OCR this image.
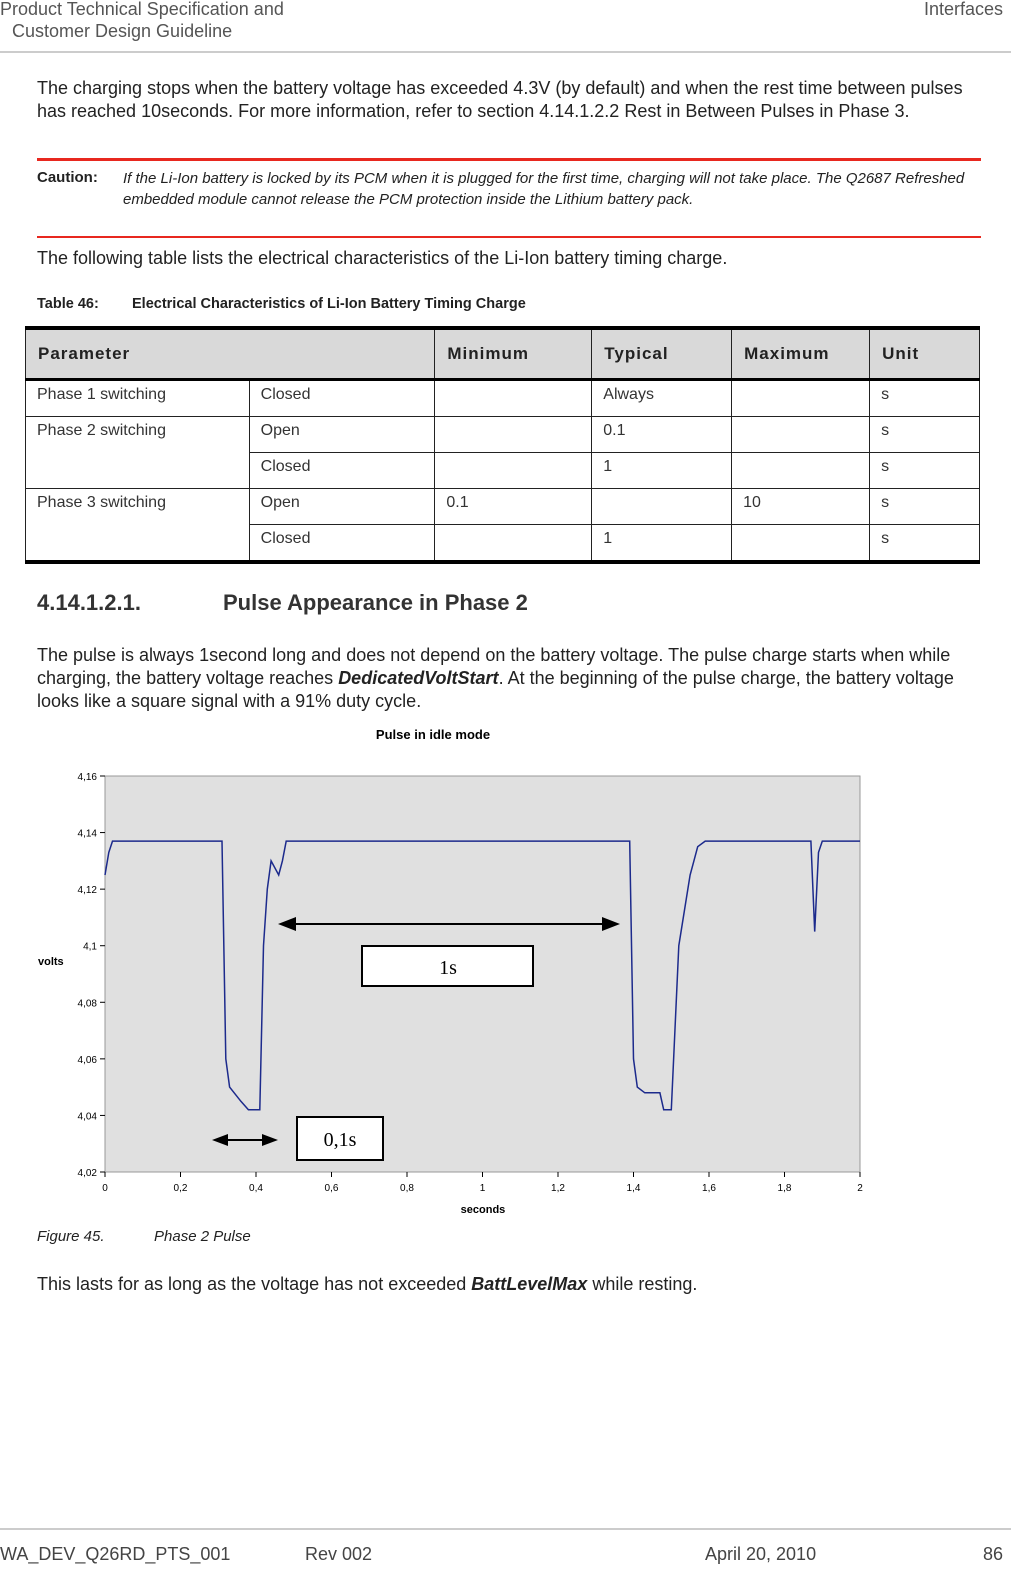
Product Technical Specification and
Customer Design Guideline
Interfaces
The charging stops when the battery voltage has exceeded 4.3V (by default) and when the rest time between pulses has reached 10seconds. For more information, refer to section 4.14.1.2.2 Rest in Between Pulses in Phase 3.
Caution: If the Li-Ion battery is locked by its PCM when it is plugged for the first time, charging will not take place. The Q2687 Refreshed embedded module cannot release the PCM protection inside the Lithium battery pack.
The following table lists the electrical characteristics of the Li-Ion battery timing charge.
Table 46: Electrical Characteristics of Li-Ion Battery Timing Charge
Parameter		Minimum	Typical	Maximum	Unit
Phase 1 switching	Closed		Always		s
Phase 2 switching	Open		0.1		s
	Closed		1		s
Phase 3 switching	Open	0.1		10	s
	Closed		1		s
4.14.1.2.1.	Pulse Appearance in Phase 2
The pulse is always 1second long and does not depend on the battery voltage. The pulse charge starts when while charging, the battery voltage reaches DedicatedVoltStart. At the beginning of the pulse charge, the battery voltage looks like a square signal with a 91% duty cycle.
Pulse in idle mode
4,02
4,04
4,06
4,08
4,1
4,12
4,14
4,16
0	0,2	0,4	0,6	0,8	1	1,2	1,4	1,6	1,8	2
volts
seconds
1s
0,1s
Figure 45.	Phase 2 Pulse
This lasts for as long as the voltage has not exceeded BattLevelMax while resting.
WA_DEV_Q26RD_PTS_001	Rev 002	April 20, 2010	86
